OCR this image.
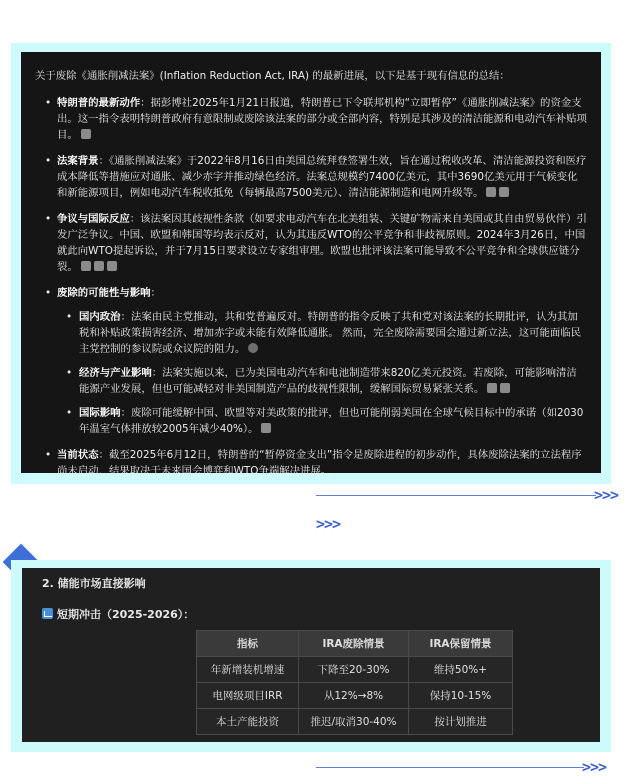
关于废除《通胀削减法案》(Inflation Reduction Act, IRA) 的最新进展，以下是基于现有信息的总结：
• 特朗普的最新动作：据彭博社2025年1月21日报道，特朗普已下令联邦机构“立即暂停”《通胀削减法案》的资金支出。这一指令表明特朗普政府有意限制或废除该法案的部分或全部内容，特别是其涉及的清洁能源和电动汽车补贴项目。
• 法案背景：《通胀削减法案》于2022年8月16日由美国总统拜登签署生效，旨在通过税收改革、清洁能源投资和医疗成本降低等措施应对通胀、减少赤字并推动绿色经济。法案总规模约7400亿美元，其中3690亿美元用于气候变化和新能源项目，例如电动汽车税收抵免（每辆最高7500美元）、清洁能源制造和电网升级等。
• 争议与国际反应：该法案因其歧视性条款（如要求电动汽车在北美组装、关键矿物需来自美国或其自由贸易伙伴）引发广泛争议。中国、欧盟和韩国等均表示反对，认为其违反WTO的公平竞争和非歧视原则。2024年3月26日，中国就此向WTO提起诉讼，并于7月15日要求设立专家组审理。欧盟也批评该法案可能导致不公平竞争和全球供应链分裂。
• 废除的可能性与影响：
• 国内政治：法案由民主党推动，共和党普遍反对。特朗普的指令反映了共和党对该法案的长期批评，认为其加税和补贴政策损害经济、增加赤字或未能有效降低通胀。 然而，完全废除需要国会通过新立法，这可能面临民主党控制的参议院或众议院的阻力。
• 经济与产业影响：法案实施以来，已为美国电动汽车和电池制造带来820亿美元投资。若废除，可能影响清洁能源产业发展，但也可能减轻对非美国制造产品的歧视性限制，缓解国际贸易紧张关系。
• 国际影响：废除可能缓解中国、欧盟等对美政策的批评，但也可能削弱美国在全球气候目标中的承诺（如2030年温室气体排放较2005年减少40%）。
• 当前状态：截至2025年6月12日，特朗普的“暂停资金支出”指令是废除进程的初步动作，具体废除法案的立法程序尚未启动，结果取决于未来国会博弈和WTO争端解决进展。
>>>
>>>
2. 储能市场直接影响
短期冲击（2025-2026）：
指标	IRA废除情景	IRA保留情景
年新增装机增速	下降至20-30%	维持50%+
电网级项目IRR	从12%→8%	保持10-15%
本土产能投资	推迟/取消30-40%	按计划推进
>>>
